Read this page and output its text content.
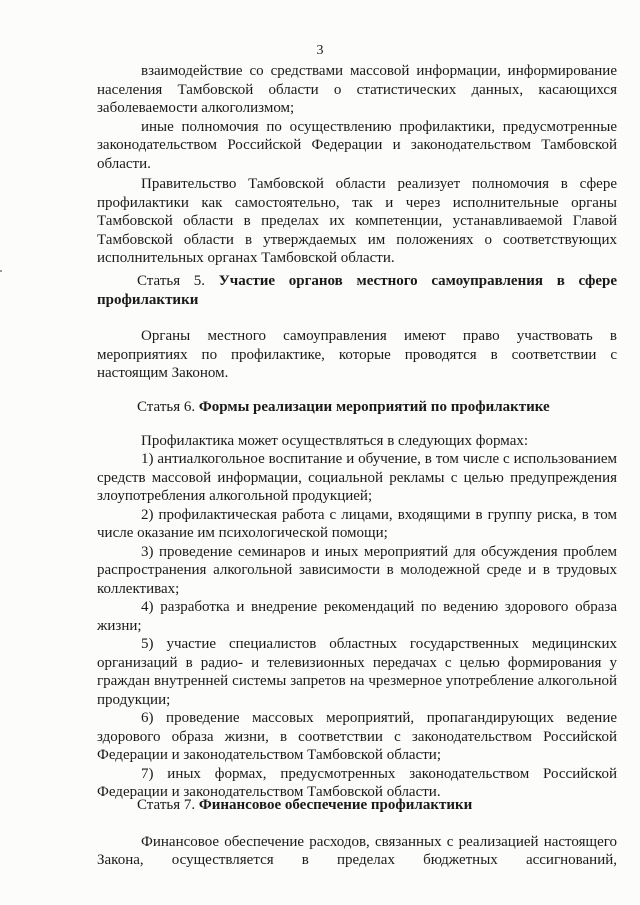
3

взаимодействие со средствами массовой информации, информирование населения Тамбовской области о статистических данных, касающихся заболеваемости алкоголизмом;

иные полномочия по осуществлению профилактики, предусмотренные законодательством Российской Федерации и законодательством Тамбовской области.

Правительство Тамбовской области реализует полномочия в сфере профилактики как самостоятельно, так и через исполнительные органы Тамбовской области в пределах их компетенции, устанавливаемой Главой Тамбовской области в утверждаемых им положениях о соответствующих исполнительных органах Тамбовской области.

Статья 5. Участие органов местного самоуправления в сфере профилактики

Органы местного самоуправления имеют право участвовать в мероприятиях по профилактике, которые проводятся в соответствии с настоящим Законом.

Статья 6. Формы реализации мероприятий по профилактике

Профилактика может осуществляться в следующих формах:

1) антиалкогольное воспитание и обучение, в том числе с использованием средств массовой информации, социальной рекламы с целью предупреждения злоупотребления алкогольной продукцией;

2) профилактическая работа с лицами, входящими в группу риска, в том числе оказание им психологической помощи;

3) проведение семинаров и иных мероприятий для обсуждения проблем распространения алкогольной зависимости в молодежной среде и в трудовых коллективах;

4) разработка и внедрение рекомендаций по ведению здорового образа жизни;

5) участие специалистов областных государственных медицинских организаций в радио- и телевизионных передачах с целью формирования у граждан внутренней системы запретов на чрезмерное употребление алкогольной продукции;

6) проведение массовых мероприятий, пропагандирующих ведение здорового образа жизни, в соответствии с законодательством Российской Федерации и законодательством Тамбовской области;

7) иных формах, предусмотренных законодательством Российской Федерации и законодательством Тамбовской области.

Статья 7. Финансовое обеспечение профилактики

Финансовое обеспечение расходов, связанных с реализацией настоящего Закона, осуществляется в пределах бюджетных ассигнований,
